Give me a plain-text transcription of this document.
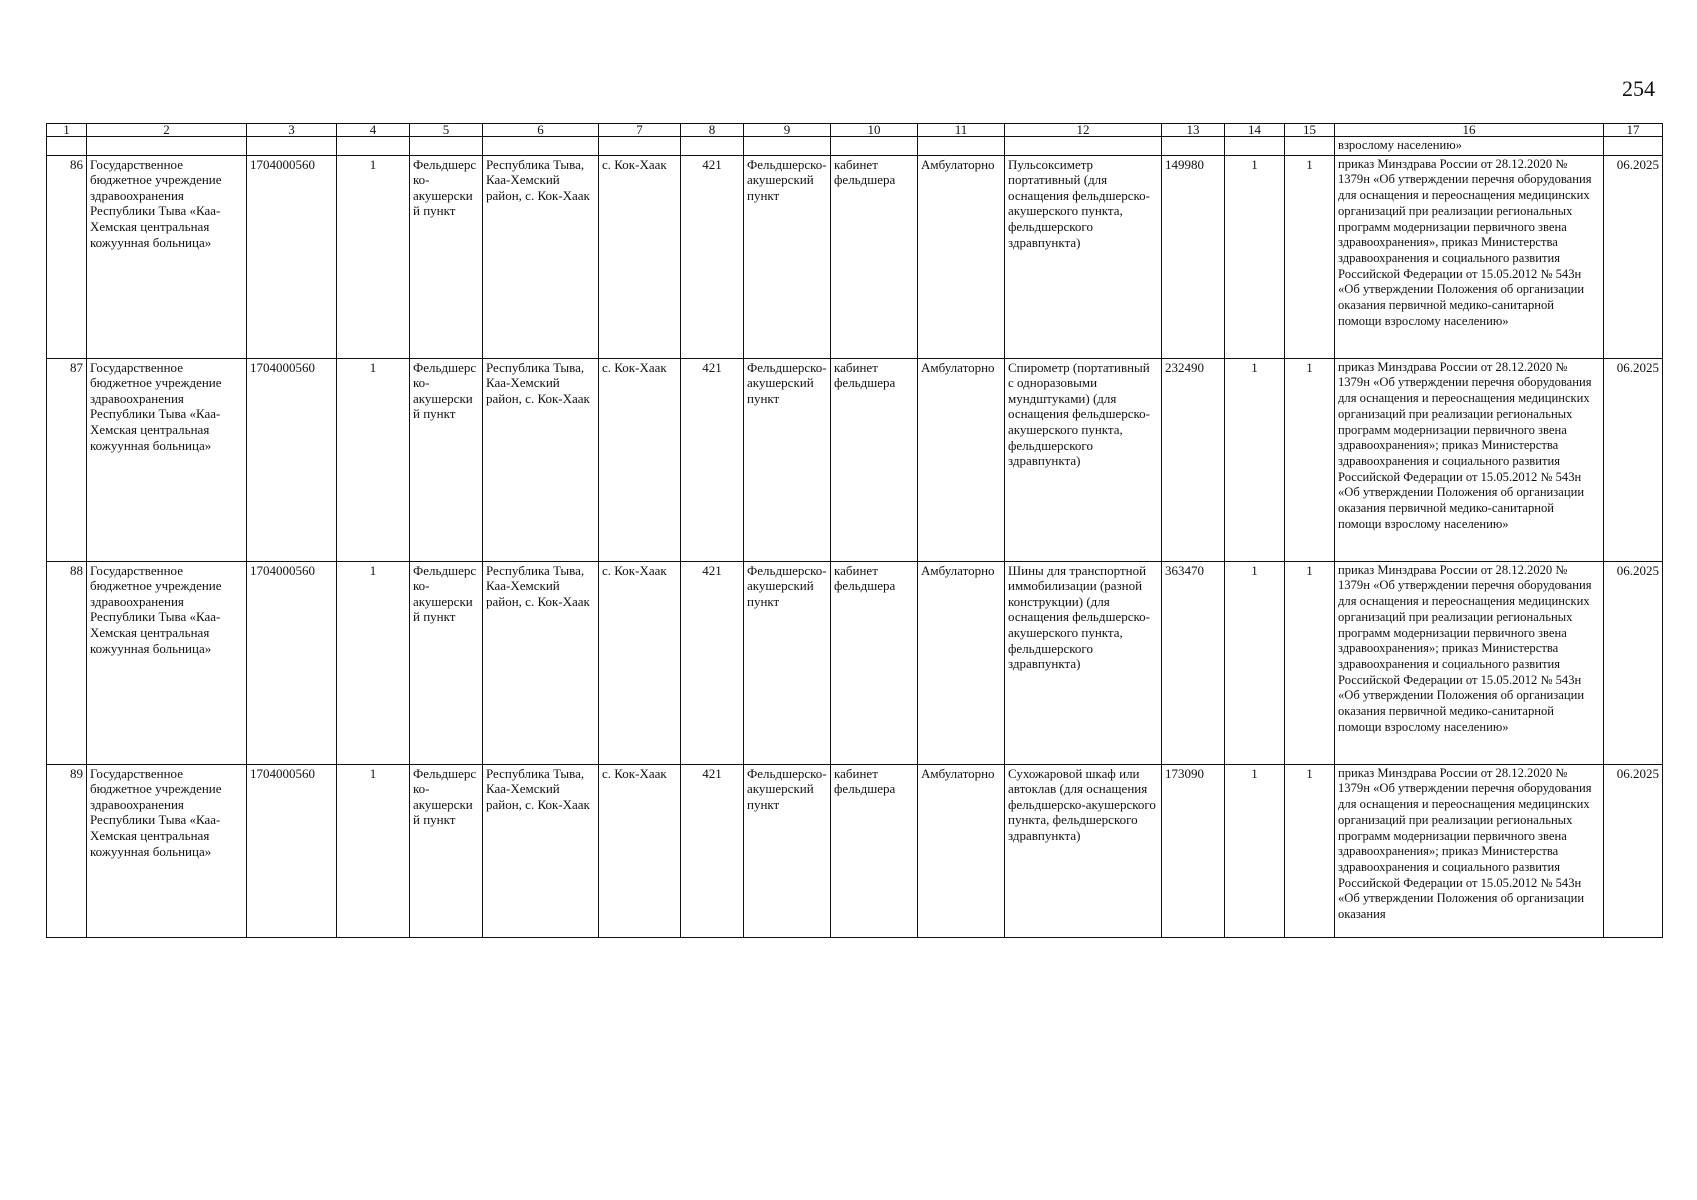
254
1	2	3	4	5	6	7	8	9	10	11	12	13	14	15	16	17
															взрослому населению»	
86	Государственное бюджетное учреждение здравоохранения Республики Тыва «Каа-Хемская центральная кожуунная больница»	1704000560	1	Фельдшерско-акушерский пункт	Республика Тыва, Каа-Хемский район, с. Кок-Хаак	с. Кок-Хаак	421	Фельдшерско-акушерский пункт	кабинет фельдшера	Амбулаторно	Пульсоксиметр портативный (для оснащения фельдшерско-акушерского пункта, фельдшерского здравпункта)	149980	1	1	приказ Минздрава России от 28.12.2020 № 1379н «Об утверждении перечня оборудования для оснащения и переоснащения медицинских организаций при реализации региональных программ модернизации первичного звена здравоохранения», приказ Министерства здравоохранения и социального развития Российской Федерации от 15.05.2012 № 543н «Об утверждении Положения об организации оказания первичной медико-санитарной помощи взрослому населению»	06.2025
87	Государственное бюджетное учреждение здравоохранения Республики Тыва «Каа-Хемская центральная кожуунная больница»	1704000560	1	Фельдшерско-акушерский пункт	Республика Тыва, Каа-Хемский район, с. Кок-Хаак	с. Кок-Хаак	421	Фельдшерско-акушерский пункт	кабинет фельдшера	Амбулаторно	Спирометр (портативный с одноразовыми мундштуками) (для оснащения фельдшерско-акушерского пункта, фельдшерского здравпункта)	232490	1	1	приказ Минздрава России от 28.12.2020 № 1379н «Об утверждении перечня оборудования для оснащения и переоснащения медицинских организаций при реализации региональных программ модернизации первичного звена здравоохранения»; приказ Министерства здравоохранения и социального развития Российской Федерации от 15.05.2012 № 543н «Об утверждении Положения об организации оказания первичной медико-санитарной помощи взрослому населению»	06.2025
88	Государственное бюджетное учреждение здравоохранения Республики Тыва «Каа-Хемская центральная кожуунная больница»	1704000560	1	Фельдшерско-акушерский пункт	Республика Тыва, Каа-Хемский район, с. Кок-Хаак	с. Кок-Хаак	421	Фельдшерско-акушерский пункт	кабинет фельдшера	Амбулаторно	Шины для транспортной иммобилизации (разной конструкции) (для оснащения фельдшерско-акушерского пункта, фельдшерского здравпункта)	363470	1	1	приказ Минздрава России от 28.12.2020 № 1379н «Об утверждении перечня оборудования для оснащения и переоснащения медицинских организаций при реализации региональных программ модернизации первичного звена здравоохранения»; приказ Министерства здравоохранения и социального развития Российской Федерации от 15.05.2012 № 543н «Об утверждении Положения об организации оказания первичной медико-санитарной помощи взрослому населению»	06.2025
89	Государственное бюджетное учреждение здравоохранения Республики Тыва «Каа-Хемская центральная кожуунная больница»	1704000560	1	Фельдшерско-акушерский пункт	Республика Тыва, Каа-Хемский район, с. Кок-Хаак	с. Кок-Хаак	421	Фельдшерско-акушерский пункт	кабинет фельдшера	Амбулаторно	Сухожаровой шкаф или автоклав (для оснащения фельдшерско-акушерского пункта, фельдшерского здравпункта)	173090	1	1	приказ Минздрава России от 28.12.2020 № 1379н «Об утверждении перечня оборудования для оснащения и переоснащения медицинских организаций при реализации региональных программ модернизации первичного звена здравоохранения»; приказ Министерства здравоохранения и социального развития Российской Федерации от 15.05.2012 № 543н «Об утверждении Положения об организации оказания	06.2025
